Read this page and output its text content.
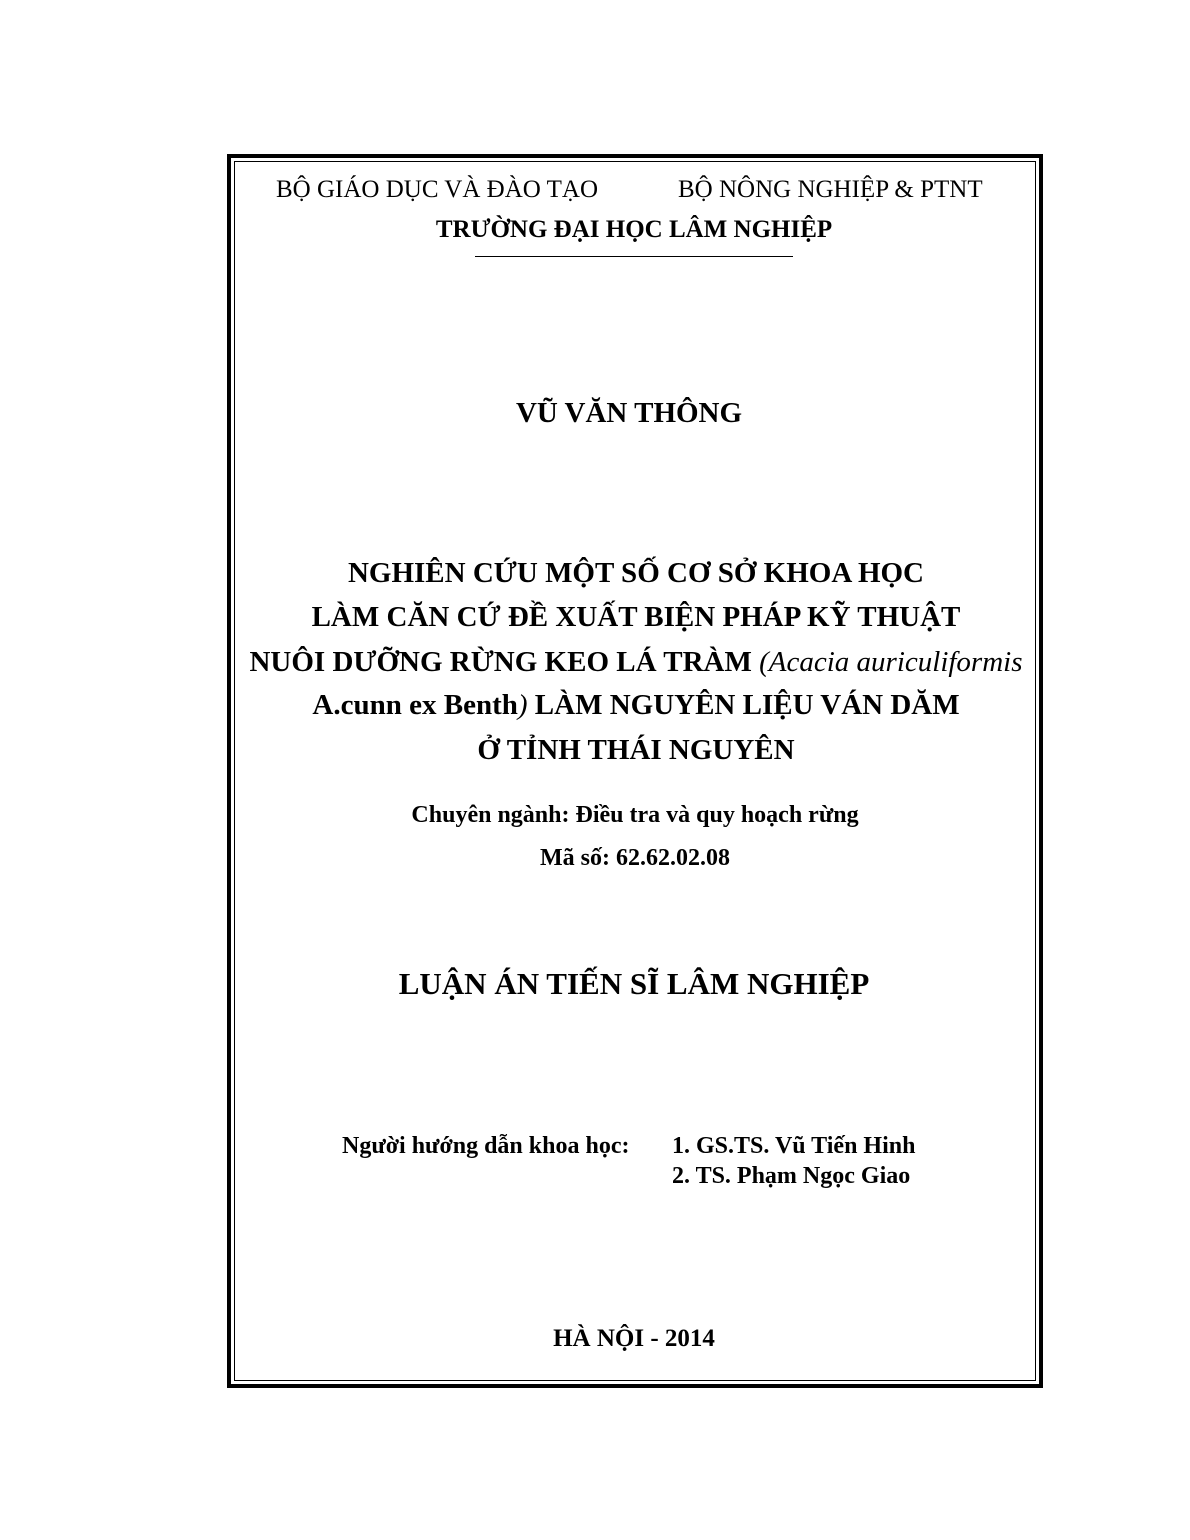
BỘ GIÁO DỤC VÀ ĐÀO TẠO	BỘ NÔNG NGHIỆP & PTNT
TRƯỜNG ĐẠI HỌC LÂM NGHIỆP
VŨ VĂN THÔNG
NGHIÊN CỨU MỘT SỐ CƠ SỞ KHOA HỌC
LÀM CĂN CỨ ĐỀ XUẤT BIỆN PHÁP KỸ THUẬT
NUÔI DƯỠNG RỪNG KEO LÁ TRÀM (Acacia auriculiformis
A.cunn ex Benth) LÀM NGUYÊN LIỆU VÁN DĂM
Ở TỈNH THÁI NGUYÊN
Chuyên ngành: Điều tra và quy hoạch rừng
Mã số: 62.62.02.08
LUẬN ÁN TIẾN SĨ LÂM NGHIỆP
Người hướng dẫn khoa học: 1. GS.TS. Vũ Tiến Hinh
2. TS. Phạm Ngọc Giao
HÀ NỘI - 2014
